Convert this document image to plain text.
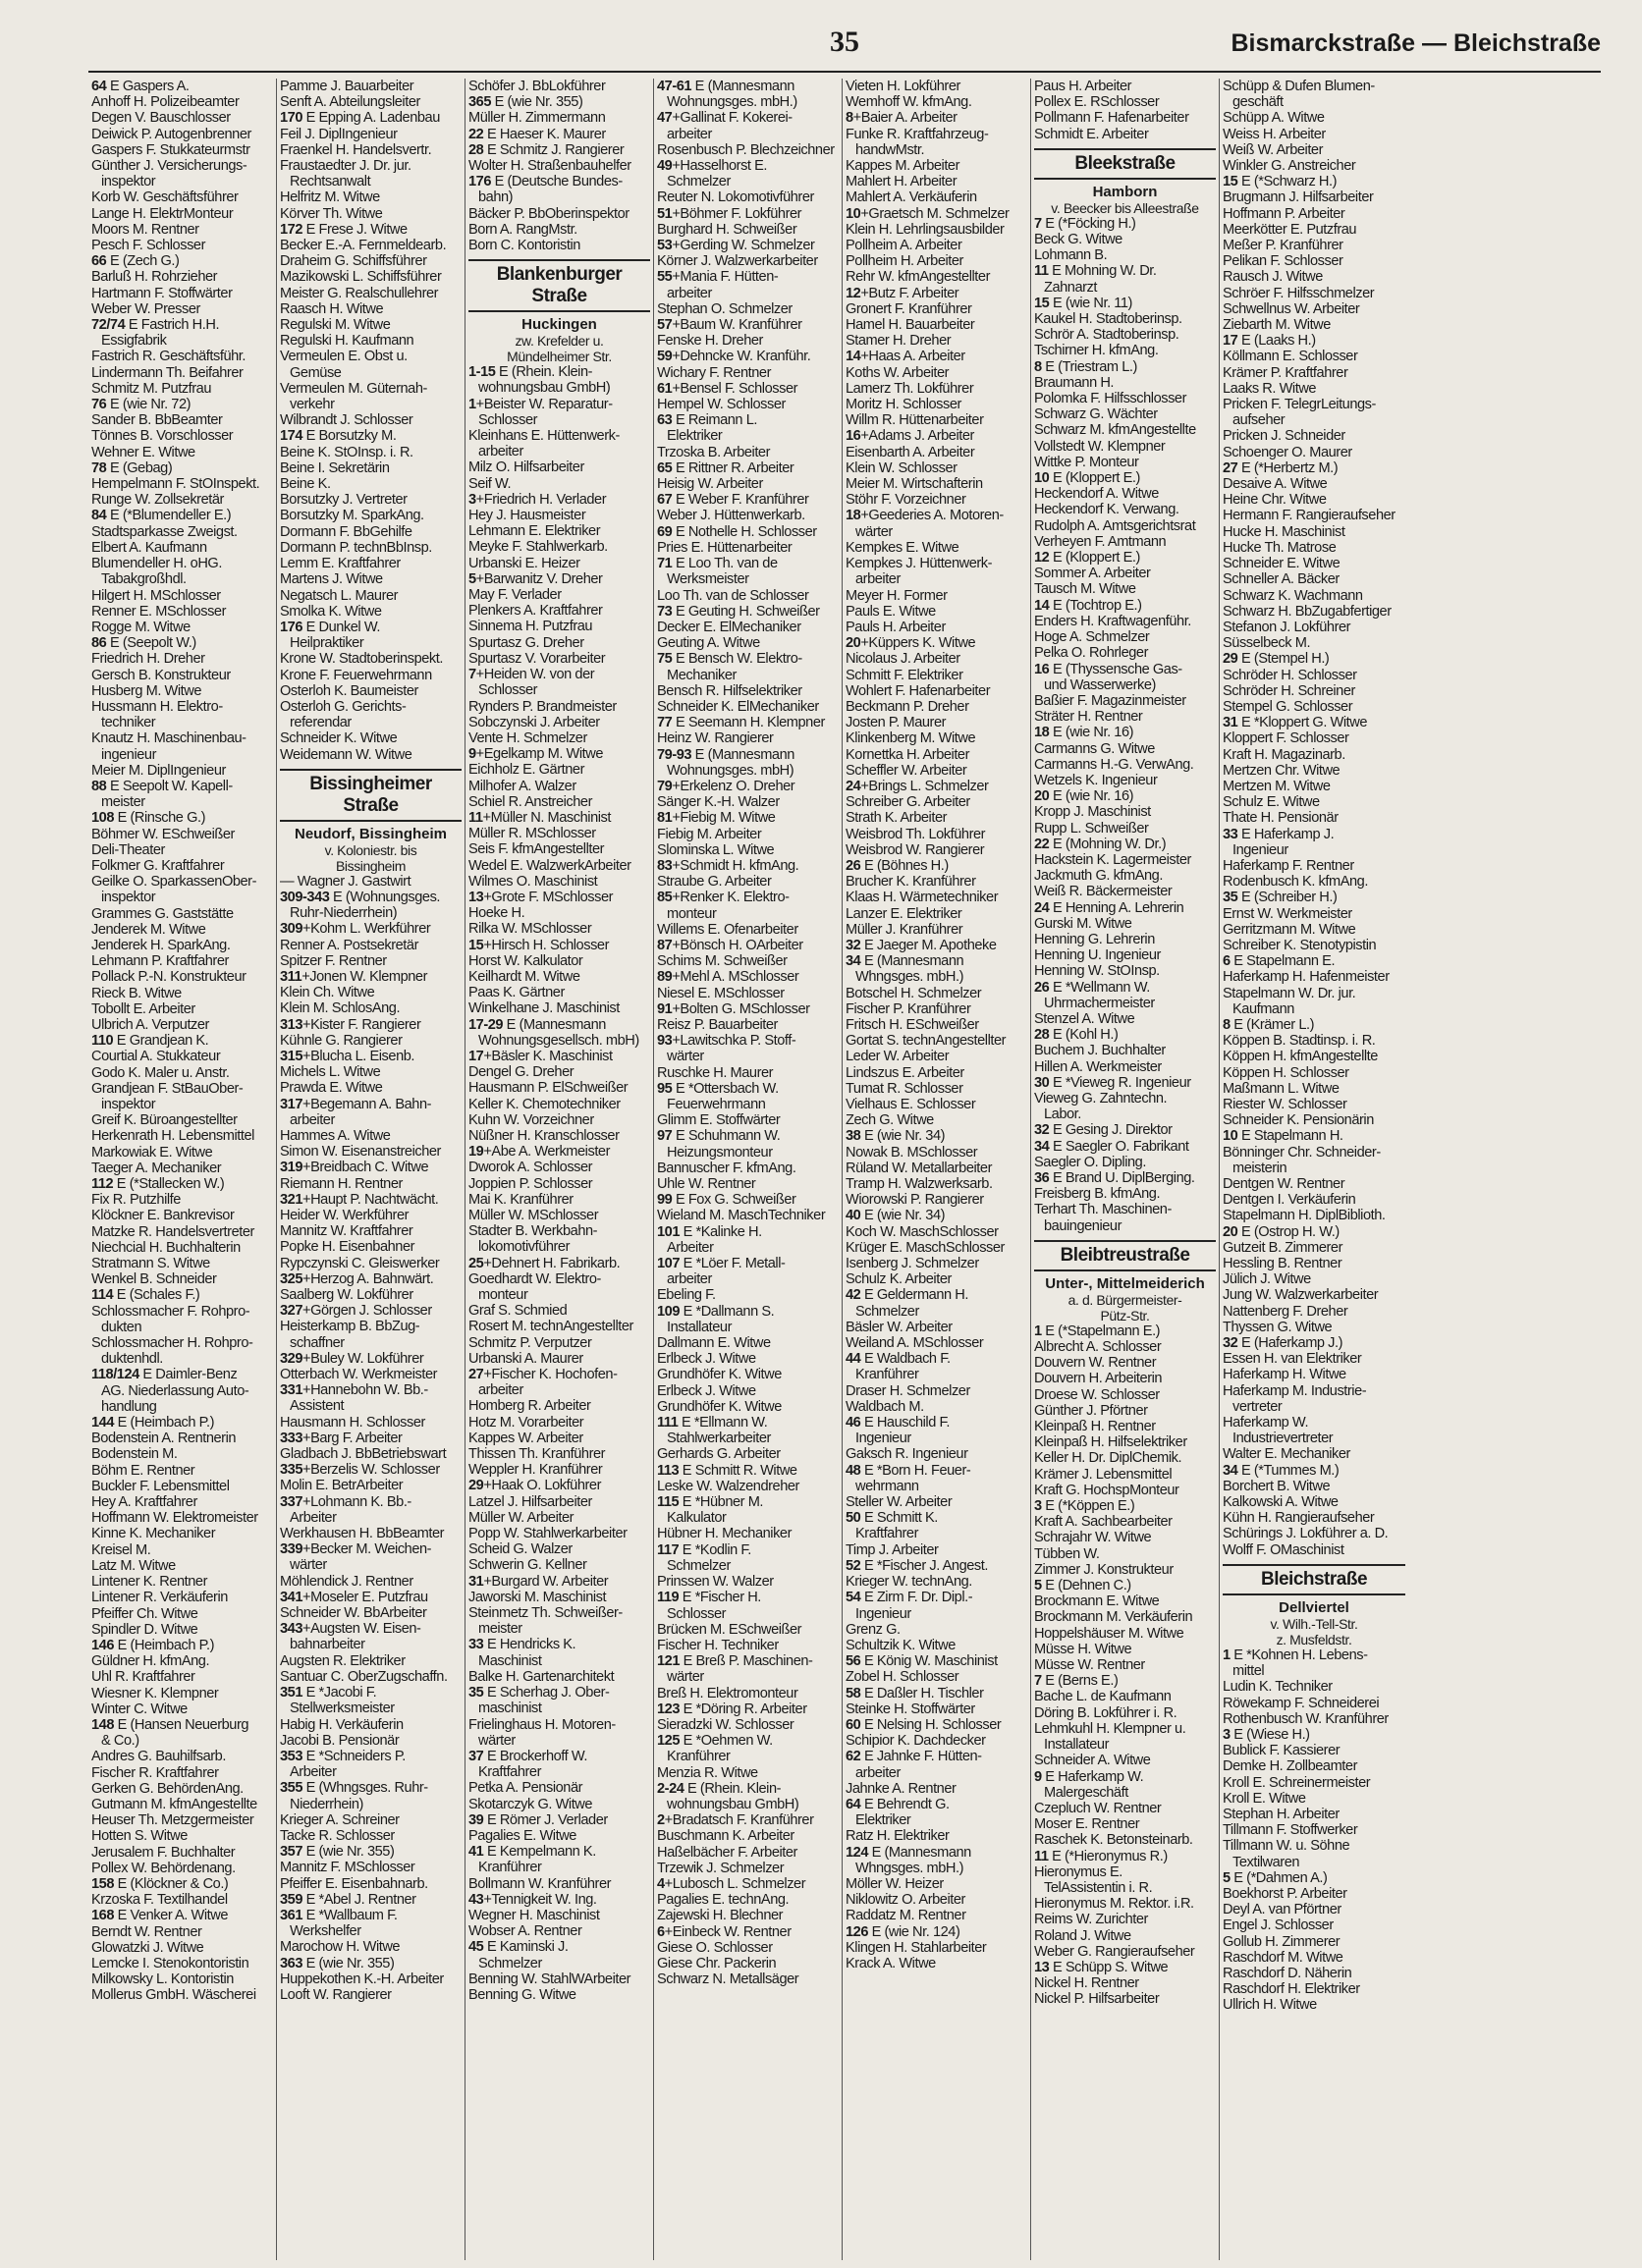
35	Bismarckstraße — Bleichstraße
64 E Gaspers A.
Anhoff H. Polizeibeamter
Degen V. Bauschlosser
Deiwick P. Autogenbrenner
Gaspers F. Stukkateurmstr
Günther J. Versicherungs-
inspektor
Korb W. Geschäftsführer
Lange H. ElektrMonteur
Moors M. Rentner
Pesch F. Schlosser
66 E (Zech G.)
Barluß H. Rohrzieher
Hartmann F. Stoffwärter
Weber W. Presser
72/74 E Fastrich H.H.
Essigfabrik
Fastrich R. Geschäftsführ.
Lindermann Th. Beifahrer
Schmitz M. Putzfrau
76 E (wie Nr. 72)
Sander B. BbBeamter
Tönnes B. Vorschlosser
Wehner E. Witwe
78 E (Gebag)
Hempelmann F. StOInspekt.
Runge W. Zollsekretär
84 E (*Blumendeller E.)
Stadtsparkasse Zweigst.
Elbert A. Kaufmann
Blumendeller H. oHG.
Tabakgroßhdl.
Hilgert H. MSchlosser
Renner E. MSchlosser
Rogge M. Witwe
86 E (Seepolt W.)
Friedrich H. Dreher
Gersch B. Konstrukteur
Husberg M. Witwe
Hussmann H. Elektro-
techniker
Knautz H. Maschinenbau-
ingenieur
Meier M. DiplIngenieur
88 E Seepolt W. Kapell-
meister
108 E (Rinsche G.)
Böhmer W. ESchweißer
Deli-Theater
Folkmer G. Kraftfahrer
Geilke O. SparkassenOber-
inspektor
Grammes G. Gaststätte
Jenderek M. Witwe
Jenderek H. SparkAng.
Lehmann P. Kraftfahrer
Pollack P.-N. Konstrukteur
Rieck B. Witwe
Tobollt E. Arbeiter
Ulbrich A. Verputzer
110 E Grandjean K.
Courtial A. Stukkateur
Godo K. Maler u. Anstr.
Grandjean F. StBauOber-
inspektor
Greif K. Büroangestellter
Herkenrath H. Lebensmittel
Markowiak E. Witwe
Taeger A. Mechaniker
112 E (*Stallecken W.)
Fix R. Putzhilfe
Klöckner E. Bankrevisor
Matzke R. Handelsvertreter
Niechcial H. Buchhalterin
Stratmann S. Witwe
Wenkel B. Schneider
114 E (Schales F.)
Schlossmacher F. Rohpro-
dukten
Schlossmacher H. Rohpro-
duktenhdl.
118/124 E Daimler-Benz
AG. Niederlassung Auto-
handlung
144 E (Heimbach P.)
Bodenstein A. Rentnerin
Bodenstein M.
Böhm E. Rentner
Buckler F. Lebensmittel
Hey A. Kraftfahrer
Hoffmann W. Elektromeister
Kinne K. Mechaniker
Kreisel M.
Latz M. Witwe
Lintener K. Rentner
Lintener R. Verkäuferin
Pfeiffer Ch. Witwe
Spindler D. Witwe
146 E (Heimbach P.)
Güldner H. kfmAng.
Uhl R. Kraftfahrer
Wiesner K. Klempner
Winter C. Witwe
148 E (Hansen Neuerburg
& Co.)
Andres G. Bauhilfsarb.
Fischer R. Kraftfahrer
Gerken G. BehördenAng.
Gutmann M. kfmAngestellte
Heuser Th. Metzgermeister
Hotten S. Witwe
Jerusalem F. Buchhalter
Pollex W. Behördenang.
158 E (Klöckner & Co.)
Krzoska F. Textilhandel
168 E Venker A. Witwe
Berndt W. Rentner
Glowatzki J. Witwe
Lemcke I. Stenokontoristin
Milkowsky L. Kontoristin
Mollerus GmbH. Wäscherei
Pamme J. Bauarbeiter
Senft A. Abteilungsleiter
170 E Epping A. Ladenbau
Feil J. DiplIngenieur
Fraenkel H. Handelsvertr.
Fraustaedter J. Dr. jur.
Rechtsanwalt
Helfritz M. Witwe
Körver Th. Witwe
172 E Frese J. Witwe
Becker E.-A. Fernmeldearb.
Draheim G. Schiffsführer
Mazikowski L. Schiffsführer
Meister G. Realschullehrer
Raasch H. Witwe
Regulski M. Witwe
Regulski H. Kaufmann
Vermeulen E. Obst u.
Gemüse
Vermeulen M. Güternah-
verkehr
Wilbrandt J. Schlosser
174 E Borsutzky M.
Beine K. StOInsp. i. R.
Beine I. Sekretärin
Beine K.
Borsutzky J. Vertreter
Borsutzky M. SparkAng.
Dormann F. BbGehilfe
Dormann P. technBbInsp.
Lemm E. Kraftfahrer
Martens J. Witwe
Negatsch L. Maurer
Smolka K. Witwe
176 E Dunkel W.
Heilpraktiker
Krone W. Stadtoberinspekt.
Krone F. Feuerwehrmann
Osterloh K. Baumeister
Osterloh G. Gerichts-
referendar
Schneider K. Witwe
Weidemann W. Witwe
Bissingheimer Straße
Neudorf, Bissingheim
v. Koloniestr. bis
Bissingheim
— Wagner J. Gastwirt
309-343 E (Wohnungsges.
Ruhr-Niederrhein)
309+Kohm L. Werkführer
Renner A. Postsekretär
Spitzer F. Rentner
311+Jonen W. Klempner
Klein Ch. Witwe
Klein M. SchlosAng.
313+Kister F. Rangierer
Kühnle G. Rangierer
315+Blucha L. Eisenb.
Michels L. Witwe
Prawda E. Witwe
317+Begemann A. Bahn-
arbeiter
Hammes A. Witwe
Simon W. Eisenanstreicher
319+Breidbach C. Witwe
Riemann H. Rentner
321+Haupt P. Nachtwächt.
Heider W. Werkführer
Mannitz W. Kraftfahrer
Popke H. Eisenbahner
Rypczynski C. Gleiswerker
325+Herzog A. Bahnwärt.
Saalberg W. Lokführer
327+Görgen J. Schlosser
Heisterkamp B. BbZug-
schaffner
329+Buley W. Lokführer
Otterbach W. Werkmeister
331+Hannebohn W. Bb.-
Assistent
Hausmann H. Schlosser
333+Barg F. Arbeiter
Gladbach J. BbBetriebswart
335+Berzelis W. Schlosser
Molin E. BetrArbeiter
337+Lohmann K. Bb.-
Arbeiter
Werkhausen H. BbBeamter
339+Becker M. Weichen-
wärter
Möhlendick J. Rentner
341+Moseler E. Putzfrau
Schneider W. BbArbeiter
343+Augsten W. Eisen-
bahnarbeiter
Augsten R. Elektriker
Santuar C. OberZugschaffn.
351 E *Jacobi F.
Stellwerksmeister
Habig H. Verkäuferin
Jacobi B. Pensionär
353 E *Schneiders P.
Arbeiter
355 E (Whngsges. Ruhr-
Niederrhein)
Krieger A. Schreiner
Tacke R. Schlosser
357 E (wie Nr. 355)
Mannitz F. MSchlosser
Pfeiffer E. Eisenbahnarb.
359 E *Abel J. Rentner
361 E *Wallbaum F.
Werkshelfer
Marochow H. Witwe
363 E (wie Nr. 355)
Huppekothen K.-H. Arbeiter
Looft W. Rangierer
Schöfer J. BbLokführer
365 E (wie Nr. 355)
Müller H. Zimmermann
22 E Haeser K. Maurer
28 E Schmitz J. Rangierer
Wolter H. Straßenbauhelfer
176 E (Deutsche Bundes-
bahn)
Bäcker P. BbOberinspektor
Born A. RangMstr.
Born C. Kontoristin
Blankenburger Straße
Huckingen
zw. Krefelder u.
Mündelheimer Str.
1-15 E (Rhein. Klein-
wohnungsbau GmbH)
1+Beister W. Reparatur-
Schlosser
Kleinhans E. Hüttenwerk-
arbeiter
Milz O. Hilfsarbeiter
Seif W.
3+Friedrich H. Verlader
Hey J. Hausmeister
Lehmann E. Elektriker
Meyke F. Stahlwerkarb.
Urbanski E. Heizer
5+Barwanitz V. Dreher
May F. Verlader
Plenkers A. Kraftfahrer
Sinnema H. Putzfrau
Spurtasz G. Dreher
Spurtasz V. Vorarbeiter
7+Heiden W. von der
Schlosser
Rynders P. Brandmeister
Sobczynski J. Arbeiter
Vente H. Schmelzer
9+Egelkamp M. Witwe
Eichholz E. Gärtner
Milhofer A. Walzer
Schiel R. Anstreicher
11+Müller N. Maschinist
Müller R. MSchlosser
Seis F. kfmAngestellter
Wedel E. WalzwerkArbeiter
Wilmes O. Maschinist
13+Grote F. MSchlosser
Hoeke H.
Rilka W. MSchlosser
15+Hirsch H. Schlosser
Horst W. Kalkulator
Keilhardt M. Witwe
Paas K. Gärtner
Winkelhane J. Maschinist
17-29 E (Mannesmann
Wohnungsgesellsch. mbH)
17+Bäsler K. Maschinist
Dengel G. Dreher
Hausmann P. ElSchweißer
Keller K. Chemotechniker
Kuhn W. Vorzeichner
Nüßner H. Kranschlosser
19+Abe A. Werkmeister
Dworok A. Schlosser
Joppien P. Schlosser
Mai K. Kranführer
Müller W. MSchlosser
Stadter B. Werkbahn-
lokomotivführer
25+Dehnert H. Fabrikarb.
Goedhardt W. Elektro-
monteur
Graf S. Schmied
Rosert M. technAngestellter
Schmitz P. Verputzer
Urbanski A. Maurer
27+Fischer K. Hochofen-
arbeiter
Homberg R. Arbeiter
Hotz M. Vorarbeiter
Kappes W. Arbeiter
Thissen Th. Kranführer
Weppler H. Kranführer
29+Haak O. Lokführer
Latzel J. Hilfsarbeiter
Müller W. Arbeiter
Popp W. Stahlwerkarbeiter
Scheid G. Walzer
Schwerin G. Kellner
31+Burgard W. Arbeiter
Jaworski M. Maschinist
Steinmetz Th. Schweißer-
meister
33 E Hendricks K.
Maschinist
Balke H. Gartenarchitekt
35 E Scherhag J. Ober-
maschinist
Frielinghaus H. Motoren-
wärter
37 E Brockerhoff W.
Kraftfahrer
Petka A. Pensionär
Skotarczyk G. Witwe
39 E Römer J. Verlader
Pagalies E. Witwe
41 E Kempelmann K.
Kranführer
Bollmann W. Kranführer
43+Tennigkeit W. Ing.
Wegner H. Maschinist
Wobser A. Rentner
45 E Kaminski J.
Schmelzer
Benning W. StahlWArbeiter
Benning G. Witwe
47-61 E (Mannesmann
Wohnungsges. mbH.)
47+Gallinat F. Kokerei-
arbeiter
Rosenbusch P. Blechzeichner
49+Hasselhorst E.
Schmelzer
Reuter N. Lokomotivführer
51+Böhmer F. Lokführer
Burghard H. Schweißer
53+Gerding W. Schmelzer
Körner J. Walzwerkarbeiter
55+Mania F. Hütten-
arbeiter
Stephan O. Schmelzer
57+Baum W. Kranführer
Fenske H. Dreher
59+Dehncke W. Kranführ.
Wichary F. Rentner
61+Bensel F. Schlosser
Hempel W. Schlosser
63 E Reimann L.
Elektriker
Trzoska B. Arbeiter
65 E Rittner R. Arbeiter
Heisig W. Arbeiter
67 E Weber F. Kranführer
Weber J. Hüttenwerkarb.
69 E Nothelle H. Schlosser
Pries E. Hüttenarbeiter
71 E Loo Th. van de
Werksmeister
Loo Th. van de Schlosser
73 E Geuting H. Schweißer
Decker E. ElMechaniker
Geuting A. Witwe
75 E Bensch W. Elektro-
Mechaniker
Bensch R. Hilfselektriker
Schneider K. ElMechaniker
77 E Seemann H. Klempner
Heinz W. Rangierer
79-93 E (Mannesmann
Wohnungsges. mbH)
79+Erkelenz O. Dreher
Sänger K.-H. Walzer
81+Fiebig M. Witwe
Fiebig M. Arbeiter
Slominska L. Witwe
83+Schmidt H. kfmAng.
Straube G. Arbeiter
85+Renker K. Elektro-
monteur
Willems E. Ofenarbeiter
87+Bönsch H. OArbeiter
Schims M. Schweißer
89+Mehl A. MSchlosser
Niesel E. MSchlosser
91+Bolten G. MSchlosser
Reisz P. Bauarbeiter
93+Lawitschka P. Stoff-
wärter
Ruschke H. Maurer
95 E *Ottersbach W.
Feuerwehrmann
Glimm E. Stoffwärter
97 E Schuhmann W.
Heizungsmonteur
Bannuscher F. kfmAng.
Uhle W. Rentner
99 E Fox G. Schweißer
Wieland M. MaschTechniker
101 E *Kalinke H.
Arbeiter
107 E *Löer F. Metall-
arbeiter
Ebeling F.
109 E *Dallmann S.
Installateur
Dallmann E. Witwe
Erlbeck J. Witwe
Grundhöfer K. Witwe
Erlbeck J. Witwe
Grundhöfer K. Witwe
111 E *Ellmann W.
Stahlwerkarbeiter
Gerhards G. Arbeiter
113 E Schmitt R. Witwe
Leske W. Walzendreher
115 E *Hübner M.
Kalkulator
Hübner H. Mechaniker
117 E *Kodlin F.
Schmelzer
Prinssen W. Walzer
119 E *Fischer H.
Schlosser
Brücken M. ESchweißer
Fischer H. Techniker
121 E Breß P. Maschinen-
wärter
Breß H. Elektromonteur
123 E *Döring R. Arbeiter
Sieradzki W. Schlosser
125 E *Oehmen W.
Kranführer
Menzia R. Witwe
2-24 E (Rhein. Klein-
wohnungsbau GmbH)
2+Bradatsch F. Kranführer
Buschmann K. Arbeiter
Haßelbächer F. Arbeiter
Trzewik J. Schmelzer
4+Lubosch L. Schmelzer
Pagalies E. technAng.
Zajewski H. Blechner
6+Einbeck W. Rentner
Giese O. Schlosser
Giese Chr. Packerin
Schwarz N. Metallsäger
Vieten H. Lokführer
Wemhoff W. kfmAng.
8+Baier A. Arbeiter
Funke R. Kraftfahrzeug-
handwMstr.
Kappes M. Arbeiter
Mahlert H. Arbeiter
Mahlert A. Verkäuferin
10+Graetsch M. Schmelzer
Klein H. Lehrlingsausbilder
Pollheim A. Arbeiter
Pollheim H. Arbeiter
Rehr W. kfmAngestellter
12+Butz F. Arbeiter
Gronert F. Kranführer
Hamel H. Bauarbeiter
Stamer H. Dreher
14+Haas A. Arbeiter
Koths W. Arbeiter
Lamerz Th. Lokführer
Moritz H. Schlosser
Willm R. Hüttenarbeiter
16+Adams J. Arbeiter
Eisenbarth A. Arbeiter
Klein W. Schlosser
Meier M. Wirtschafterin
Stöhr F. Vorzeichner
18+Geederies A. Motoren-
wärter
Kempkes E. Witwe
Kempkes J. Hüttenwerk-
arbeiter
Meyer H. Former
Pauls E. Witwe
Pauls H. Arbeiter
20+Küppers K. Witwe
Nicolaus J. Arbeiter
Schmitt F. Elektriker
Wohlert F. Hafenarbeiter
Beckmann P. Dreher
Josten P. Maurer
Klinkenberg M. Witwe
Kornettka H. Arbeiter
Scheffler W. Arbeiter
24+Brings L. Schmelzer
Schreiber G. Arbeiter
Strath K. Arbeiter
Weisbrod Th. Lokführer
Weisbrod W. Rangierer
26 E (Böhnes H.)
Brucher K. Kranführer
Klaas H. Wärmetechniker
Lanzer E. Elektriker
Müller J. Kranführer
32 E Jaeger M. Apotheke
34 E (Mannesmann
Whngsges. mbH.)
Botschel H. Schmelzer
Fischer P. Kranführer
Fritsch H. ESchweißer
Gortat S. technAngestellter
Leder W. Arbeiter
Lindszus E. Arbeiter
Tumat R. Schlosser
Vielhaus E. Schlosser
Zech G. Witwe
38 E (wie Nr. 34)
Nowak B. MSchlosser
Rüland W. Metallarbeiter
Tramp H. Walzwerksarb.
Wiorowski P. Rangierer
40 E (wie Nr. 34)
Koch W. MaschSchlosser
Krüger E. MaschSchlosser
Isenberg J. Schmelzer
Schulz K. Arbeiter
42 E Geldermann H.
Schmelzer
Bäsler W. Arbeiter
Weiland A. MSchlosser
44 E Waldbach F.
Kranführer
Draser H. Schmelzer
Waldbach M.
46 E Hauschild F.
Ingenieur
Gaksch R. Ingenieur
48 E *Born H. Feuer-
wehrmann
Steller W. Arbeiter
50 E Schmitt K.
Kraftfahrer
Timp J. Arbeiter
52 E *Fischer J. Angest.
Krieger W. technAng.
54 E Zirm F. Dr. Dipl.-
Ingenieur
Grenz G.
Schultzik K. Witwe
56 E König W. Maschinist
Zobel H. Schlosser
58 E Daßler H. Tischler
Steinke H. Stoffwärter
60 E Nelsing H. Schlosser
Schipior K. Dachdecker
62 E Jahnke F. Hütten-
arbeiter
Jahnke A. Rentner
64 E Behrendt G.
Elektriker
Ratz H. Elektriker
124 E (Mannesmann
Whngsges. mbH.)
Möller W. Heizer
Niklowitz O. Arbeiter
Raddatz M. Rentner
126 E (wie Nr. 124)
Klingen H. Stahlarbeiter
Krack A. Witwe
Paus H. Arbeiter
Pollex E. RSchlosser
Pollmann F. Hafenarbeiter
Schmidt E. Arbeiter
Bleekstraße
Hamborn
v. Beecker bis Alleestraße
7 E (*Föcking H.)
Beck G. Witwe
Lohmann B.
11 E Mohning W. Dr.
Zahnarzt
15 E (wie Nr. 11)
Kaukel H. Stadtoberinsp.
Schrör A. Stadtoberinsp.
Tschirner H. kfmAng.
8 E (Triestram L.)
Braumann H.
Polomka F. Hilfsschlosser
Schwarz G. Wächter
Schwarz M. kfmAngestellte
Vollstedt W. Klempner
Wittke P. Monteur
10 E (Kloppert E.)
Heckendorf A. Witwe
Heckendorf K. Verwang.
Rudolph A. Amtsgerichtsrat
Verheyen F. Amtmann
12 E (Kloppert E.)
Sommer A. Arbeiter
Tausch M. Witwe
14 E (Tochtrop E.)
Enders H. Kraftwagenführ.
Hoge A. Schmelzer
Pelka O. Rohrleger
16 E (Thyssensche Gas-
und Wasserwerke)
Baßier F. Magazinmeister
Sträter H. Rentner
18 E (wie Nr. 16)
Carmanns G. Witwe
Carmanns H.-G. VerwAng.
Wetzels K. Ingenieur
20 E (wie Nr. 16)
Kropp J. Maschinist
Rupp L. Schweißer
22 E (Mohning W. Dr.)
Hackstein K. Lagermeister
Jackmuth G. kfmAng.
Weiß R. Bäckermeister
24 E Henning A. Lehrerin
Gurski M. Witwe
Henning G. Lehrerin
Henning U. Ingenieur
Henning W. StOInsp.
26 E *Wellmann W.
Uhrmachermeister
Stenzel A. Witwe
28 E (Kohl H.)
Buchem J. Buchhalter
Hillen A. Werkmeister
30 E *Vieweg R. Ingenieur
Vieweg G. Zahntechn.
Labor.
32 E Gesing J. Direktor
34 E Saegler O. Fabrikant
Saegler O. Dipling.
36 E Brand U. DiplBerging.
Freisberg B. kfmAng.
Terhart Th. Maschinen-
bauingenieur
Bleibtreustraße
Unter-, Mittelmeiderich
a. d. Bürgermeister-
Pütz-Str.
1 E (*Stapelmann E.)
Albrecht A. Schlosser
Douvern W. Rentner
Douvern H. Arbeiterin
Droese W. Schlosser
Günther J. Pförtner
Kleinpaß H. Rentner
Kleinpaß H. Hilfselektriker
Keller H. Dr. DiplChemik.
Krämer J. Lebensmittel
Kraft G. HochspMonteur
3 E (*Köppen E.)
Kraft A. Sachbearbeiter
Schrajahr W. Witwe
Tübben W.
Zimmer J. Konstrukteur
5 E (Dehnen C.)
Brockmann E. Witwe
Brockmann M. Verkäuferin
Hoppelshäuser M. Witwe
Müsse H. Witwe
Müsse W. Rentner
7 E (Berns E.)
Bache L. de Kaufmann
Döring B. Lokführer i. R.
Lehmkuhl H. Klempner u.
Installateur
Schneider A. Witwe
9 E Haferkamp W.
Malergeschäft
Czepluch W. Rentner
Moser E. Rentner
Raschek K. Betonsteinarb.
11 E (*Hieronymus R.)
Hieronymus E.
TelAssistentin i. R.
Hieronymus M. Rektor. i.R.
Reims W. Zurichter
Roland J. Witwe
Weber G. Rangieraufseher
13 E Schüpp S. Witwe
Nickel H. Rentner
Nickel P. Hilfsarbeiter
Schüpp & Dufen Blumen-
geschäft
Schüpp A. Witwe
Weiss H. Arbeiter
Weiß W. Arbeiter
Winkler G. Anstreicher
15 E (*Schwarz H.)
Brugmann J. Hilfsarbeiter
Hoffmann P. Arbeiter
Meerkötter E. Putzfrau
Meßer P. Kranführer
Pelikan F. Schlosser
Rausch J. Witwe
Schröer F. Hilfsschmelzer
Schwellnus W. Arbeiter
Ziebarth M. Witwe
17 E (Laaks H.)
Köllmann E. Schlosser
Krämer P. Kraftfahrer
Laaks R. Witwe
Pricken F. TelegrLeitungs-
aufseher
Pricken J. Schneider
Schoenger O. Maurer
27 E (*Herbertz M.)
Desaive A. Witwe
Heine Chr. Witwe
Hermann F. Rangieraufseher
Hucke H. Maschinist
Hucke Th. Matrose
Schneider E. Witwe
Schneller A. Bäcker
Schwarz K. Wachmann
Schwarz H. BbZugabfertiger
Stefanon J. Lokführer
Süsselbeck M.
29 E (Stempel H.)
Schröder H. Schlosser
Schröder H. Schreiner
Stempel G. Schlosser
31 E *Kloppert G. Witwe
Kloppert F. Schlosser
Kraft H. Magazinarb.
Mertzen Chr. Witwe
Mertzen M. Witwe
Schulz E. Witwe
Thate H. Pensionär
33 E Haferkamp J.
Ingenieur
Haferkamp F. Rentner
Rodenbusch K. kfmAng.
35 E (Schreiber H.)
Ernst W. Werkmeister
Gerritzmann M. Witwe
Schreiber K. Stenotypistin
6 E Stapelmann E.
Haferkamp H. Hafenmeister
Stapelmann W. Dr. jur.
Kaufmann
8 E (Krämer L.)
Köppen B. Stadtinsp. i. R.
Köppen H. kfmAngestellte
Köppen H. Schlosser
Maßmann L. Witwe
Riester W. Schlosser
Schneider K. Pensionärin
10 E Stapelmann H.
Bönninger Chr. Schneider-
meisterin
Dentgen W. Rentner
Dentgen I. Verkäuferin
Stapelmann H. DiplBiblioth.
20 E (Ostrop H. W.)
Gutzeit B. Zimmerer
Hessling B. Rentner
Jülich J. Witwe
Jung W. Walzwerkarbeiter
Nattenberg F. Dreher
Thyssen G. Witwe
32 E (Haferkamp J.)
Essen H. van Elektriker
Haferkamp H. Witwe
Haferkamp M. Industrie-
vertreter
Haferkamp W.
Industrievertreter
Walter E. Mechaniker
34 E (*Tummes M.)
Borchert B. Witwe
Kalkowski A. Witwe
Kühn H. Rangieraufseher
Schürings J. Lokführer a. D.
Wolff F. OMaschinist
Bleichstraße
Dellviertel
v. Wilh.-Tell-Str.
z. Musfeldstr.
1 E *Kohnen H. Lebens-
mittel
Ludin K. Techniker
Röwekamp F. Schneiderei
Rothenbusch W. Kranführer
3 E (Wiese H.)
Bublick F. Kassierer
Demke H. Zollbeamter
Kroll E. Schreinermeister
Kroll E. Witwe
Stephan H. Arbeiter
Tillmann F. Stoffwerker
Tillmann W. u. Söhne
Textilwaren
5 E (*Dahmen A.)
Boekhorst P. Arbeiter
Deyl A. van Pförtner
Engel J. Schlosser
Gollub H. Zimmerer
Raschdorf M. Witwe
Raschdorf D. Näherin
Raschdorf H. Elektriker
Ullrich H. Witwe
